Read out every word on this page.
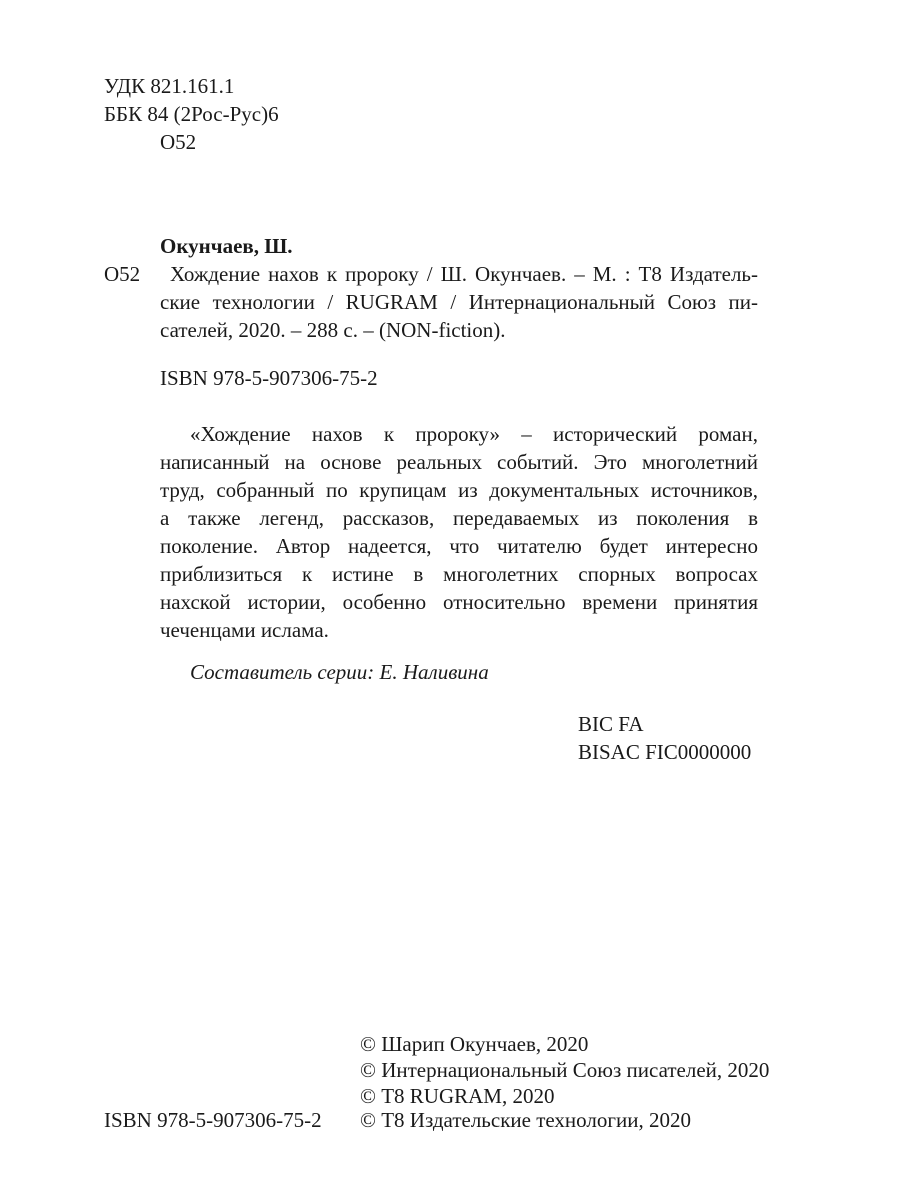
УДК 821.161.1
ББК 84 (2Рос-Рус)6
О52
Окунчаев, Ш.
О52 Хождение нахов к пророку / Ш. Окунчаев. – М. : Т8 Издатель-
ские технологии / RUGRAM / Интернациональный Союз пи-
сателей, 2020. – 288 с. – (NON-fiction).
ISBN 978-5-907306-75-2
«Хождение нахов к пророку» – исторический роман,
написанный на основе реальных событий. Это многолетний
труд, собранный по крупицам из документальных источников,
а также легенд, рассказов, передаваемых из поколения в
поколение. Автор надеется, что читателю будет интересно
приблизиться к истине в многолетних спорных вопросах
нахской истории, особенно относительно времени принятия
чеченцами ислама.
Составитель серии: Е. Наливина
BIC FA
BISAC FIC0000000
© Шарип Окунчаев, 2020
© Интернациональный Союз писателей, 2020
© Т8 RUGRAM, 2020
ISBN 978-5-907306-75-2 © Т8 Издательские технологии, 2020
